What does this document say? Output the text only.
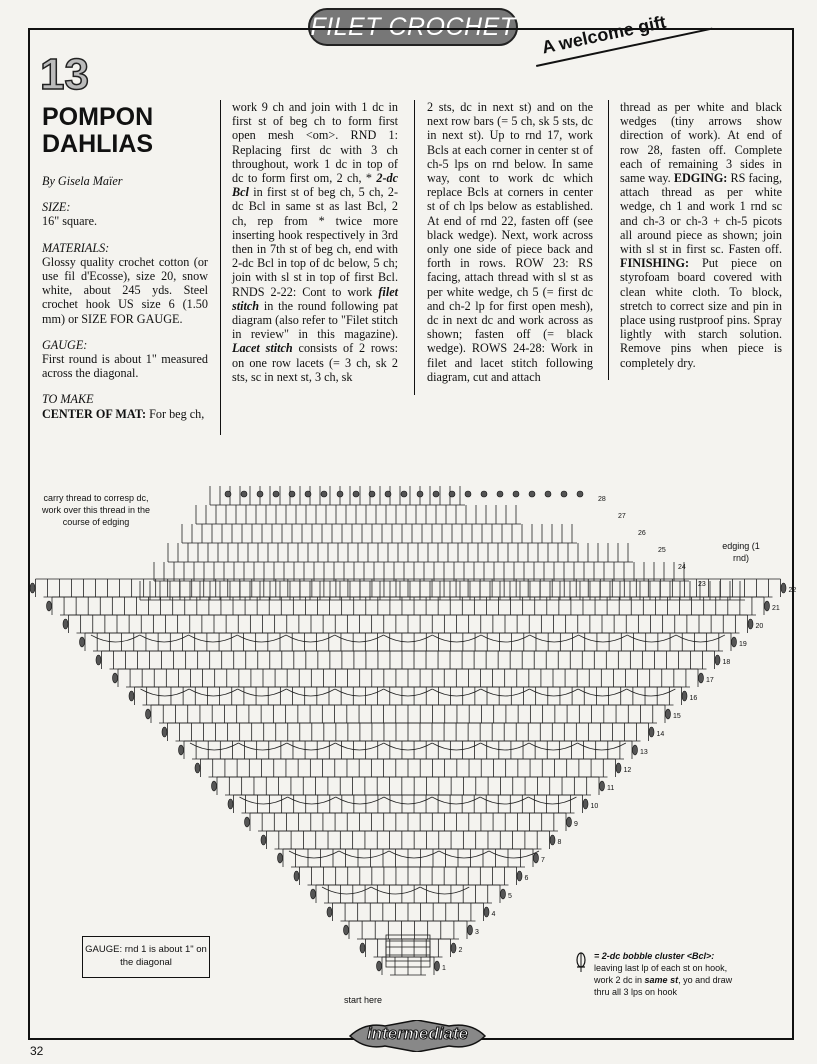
FILET CROCHET A welcome gift
13
POMPON
DAHLIAS
By Gisela Maïer
SIZE:
16" square.
MATERIALS:
Glossy quality crochet cotton (or use fil d'Ecosse), size 20, snow white, about 245 yds. Steel crochet hook US size 6 (1.50 mm) or SIZE FOR GAUGE.
GAUGE:
First round is about 1" measured across the diagonal.
TO MAKE
CENTER OF MAT: For beg ch,
work 9 ch and join with 1 dc in first st of beg ch to form first open mesh <om>. RND 1: Replacing first dc with 3 ch throughout, work 1 dc in top of dc to form first om, 2 ch, * 2-dc Bcl in first st of beg ch, 5 ch, 2-dc Bcl in same st as last Bcl, 2 ch, rep from * twice more inserting hook respectively in 3rd then in 7th st of beg ch, end with 2-dc Bcl in top of dc below, 5 ch; join with sl st in top of first Bcl. RNDS 2-22: Cont to work filet stitch in the round following pat diagram (also refer to "Filet stitch in review" in this magazine). Lacet stitch consists of 2 rows: on one row lacets (= 3 ch, sk 2 sts, sc in next st, 3 ch, sk
2 sts, dc in next st) and on the next row bars (= 5 ch, sk 5 sts, dc in next st). Up to rnd 17, work Bcls at each corner in center st of ch-5 lps on rnd below. In same way, cont to work dc which replace Bcls at corners in center st of ch lps below as established. At end of rnd 22, fasten off (see black wedge). Next, work across only one side of piece back and forth in rows. ROW 23: RS facing, attach thread with sl st as per white wedge, ch 5 (= first dc and ch-2 lp for first open mesh), dc in next dc and work across as shown; fasten off (= black wedge). ROWS 24-28: Work in filet and lacet stitch following diagram, cut and attach
thread as per white and black wedges (tiny arrows show direction of work). At end of row 28, fasten off. Complete each of remaining 3 sides in same way. EDGING: RS facing, attach thread as per white wedge, ch 1 and work 1 rnd sc and ch-3 or ch-3 + ch-5 picots all around piece as shown; join with sl st in first sc. Fasten off. FINISHING: Put piece on styrofoam board covered with clean white cloth. To block, stretch to correct size and pin in place using rustproof pins. Spray lightly with starch solution. Remove pins when piece is completely dry.
28
27
26
25
24
23
22
21
20
19
18
17
16
15
14
13
12
11
10
9
8
7
6
5
4
3
2
1
carry thread to corresp dc, work over this thread in the course of edging
edging (1 rnd)
GAUGE: rnd 1 is about 1" on the diagonal
= 2-dc bobble cluster <Bcl>: leaving last lp of each st on hook, work 2 dc in same st, yo and draw thru all 3 lps on hook
start here
intermediate
32
